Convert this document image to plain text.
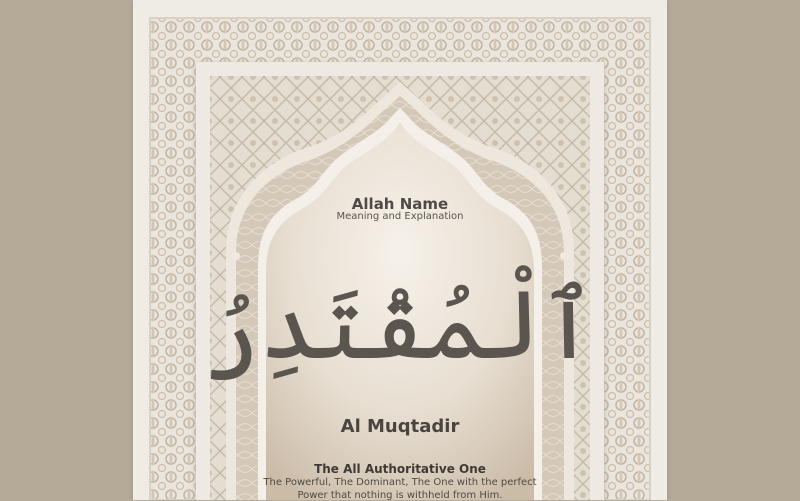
Allah Name
Meaning and Explanation
ٱلْمُقْتَدِرُ
Al Muqtadir
The All Authoritative One
The Powerful, The Dominant, The One with the perfect
Power that nothing is withheld from Him.
